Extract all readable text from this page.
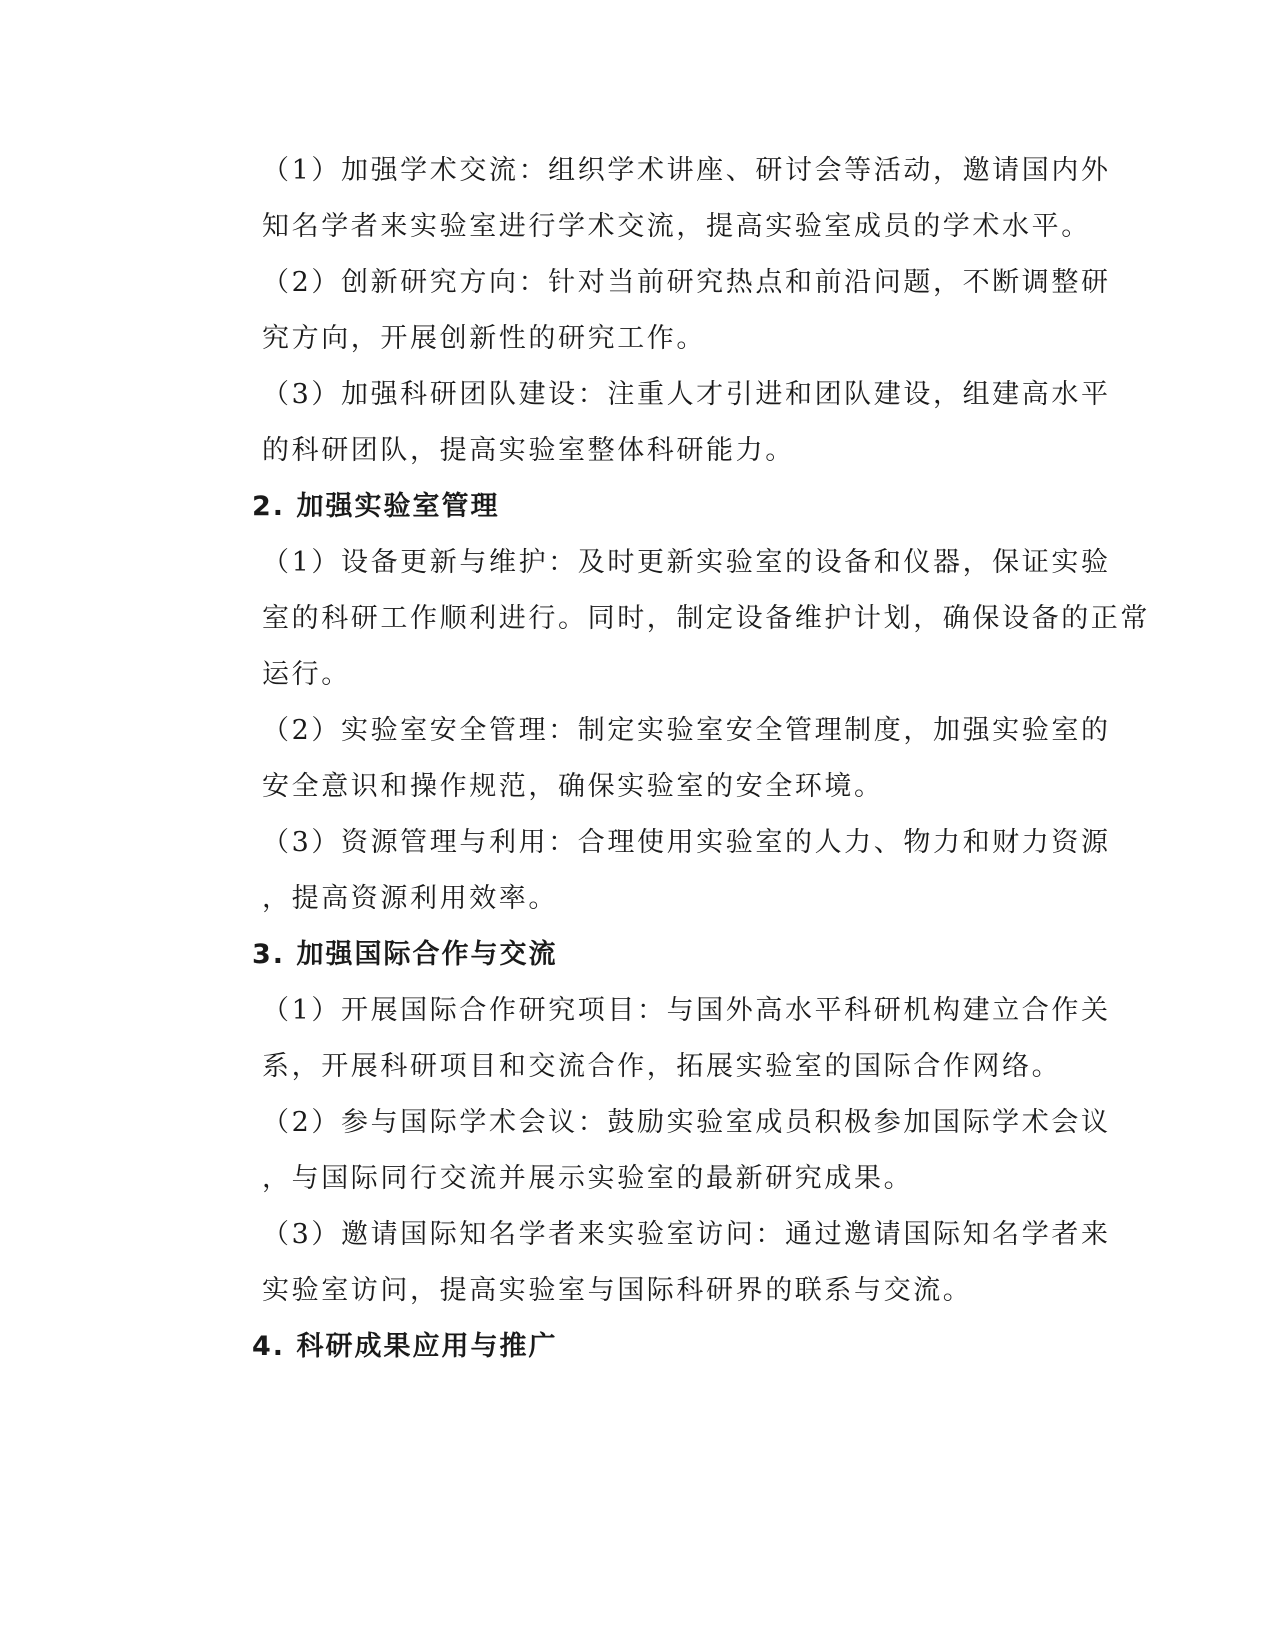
（1）加强学术交流：组织学术讲座、研讨会等活动，邀请国内外
知名学者来实验室进行学术交流，提高实验室成员的学术水平。

（2）创新研究方向：针对当前研究热点和前沿问题，不断调整研
究方向，开展创新性的研究工作。

（3）加强科研团队建设：注重人才引进和团队建设，组建高水平
的科研团队，提高实验室整体科研能力。

2. 加强实验室管理

（1）设备更新与维护：及时更新实验室的设备和仪器，保证实验
室的科研工作顺利进行。同时，制定设备维护计划，确保设备的正常
运行。

（2）实验室安全管理：制定实验室安全管理制度，加强实验室的
安全意识和操作规范，确保实验室的安全环境。

（3）资源管理与利用：合理使用实验室的人力、物力和财力资源
，提高资源利用效率。

3. 加强国际合作与交流

（1）开展国际合作研究项目：与国外高水平科研机构建立合作关
系，开展科研项目和交流合作，拓展实验室的国际合作网络。

（2）参与国际学术会议：鼓励实验室成员积极参加国际学术会议
，与国际同行交流并展示实验室的最新研究成果。

（3）邀请国际知名学者来实验室访问：通过邀请国际知名学者来
实验室访问，提高实验室与国际科研界的联系与交流。

4. 科研成果应用与推广
